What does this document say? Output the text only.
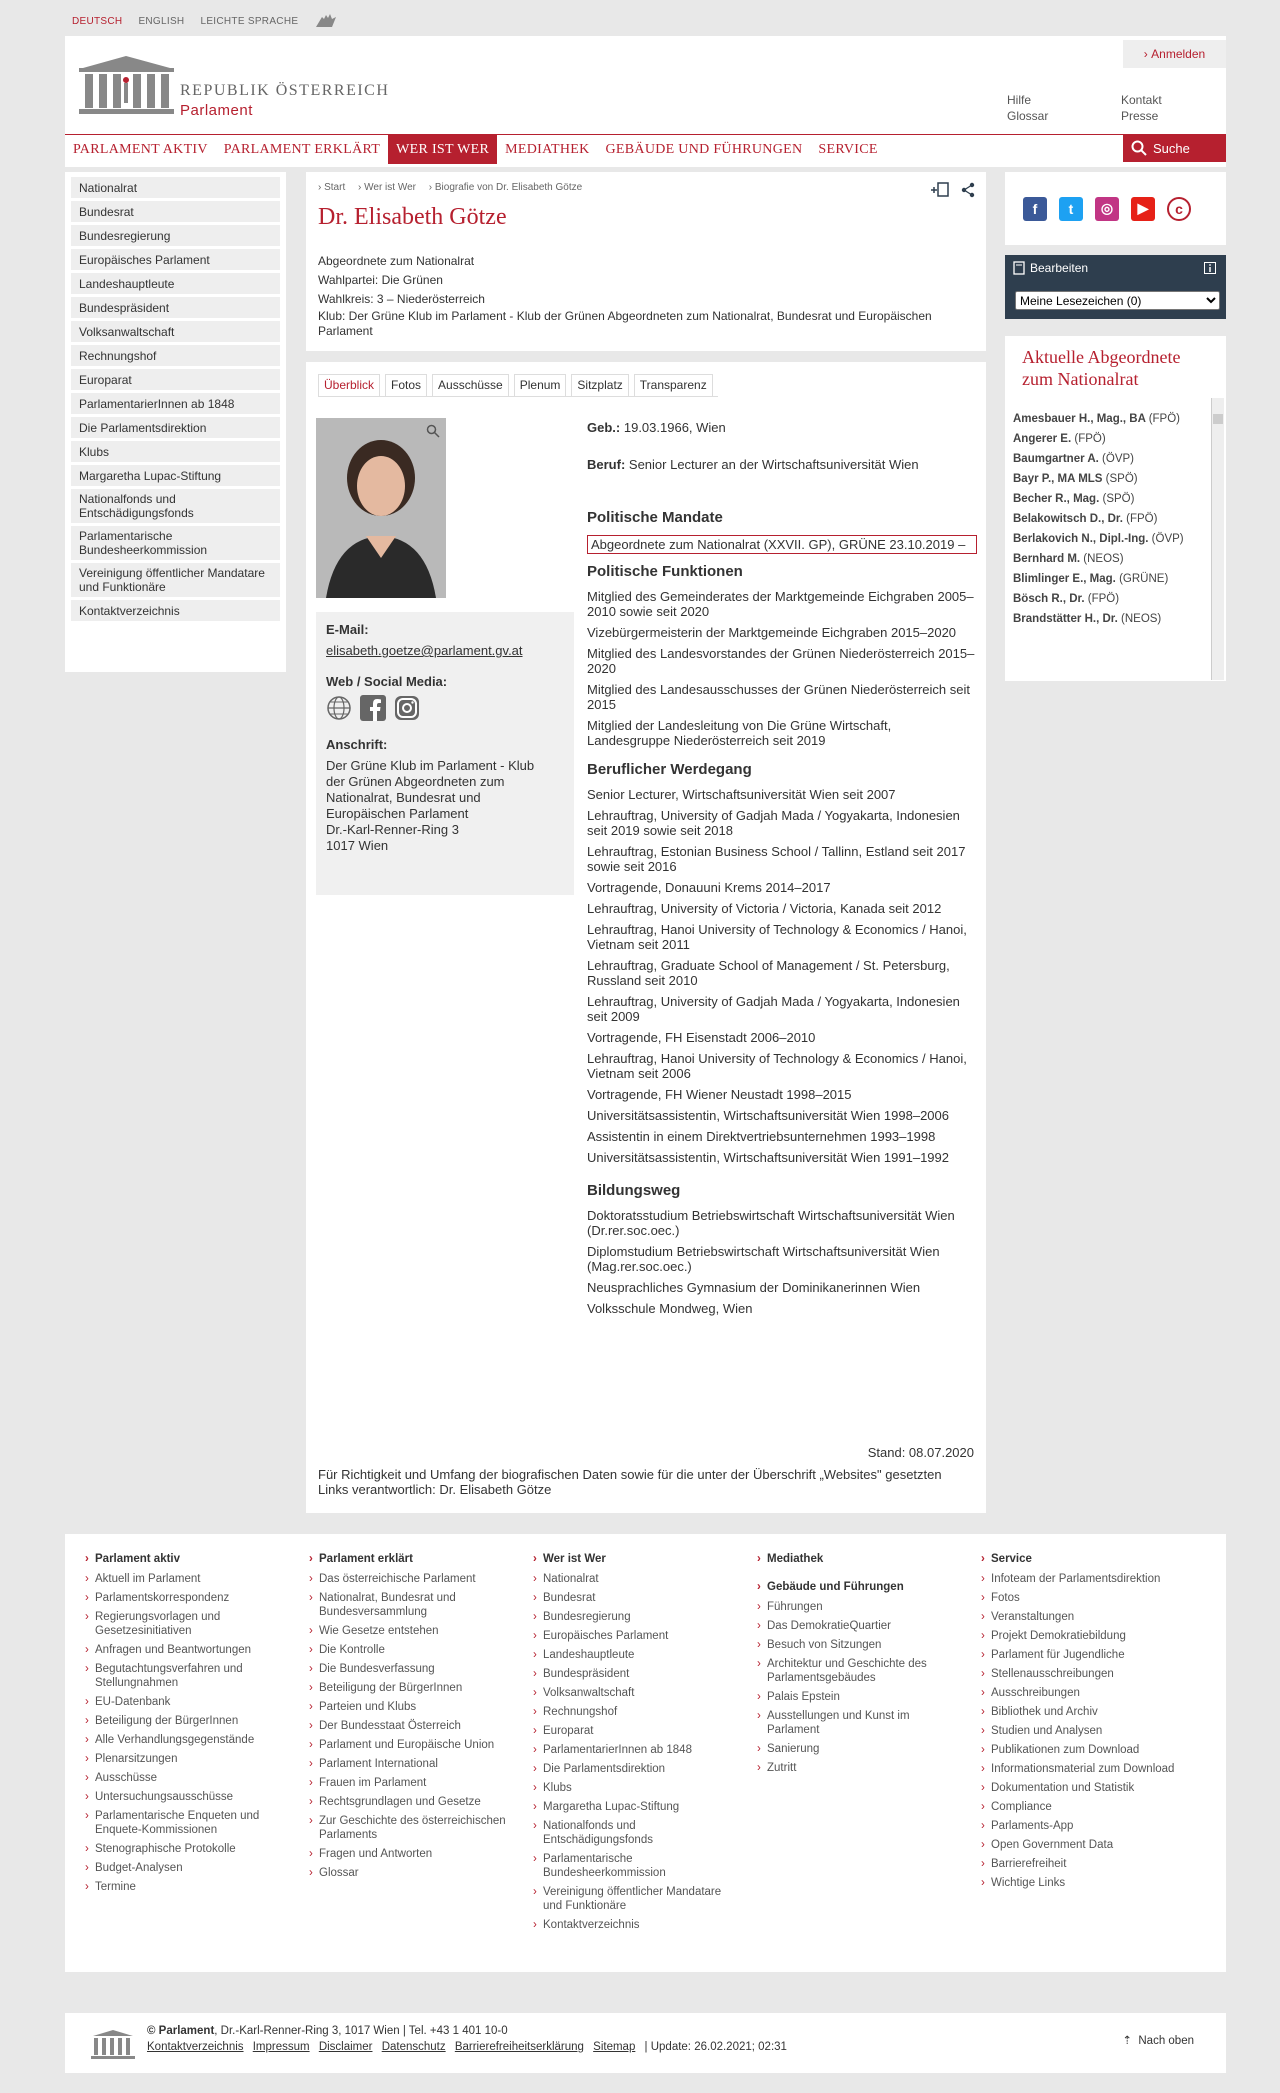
DEUTSCH ENGLISH LEICHTE SPRACHE
REPUBLIK ÖSTERREICH
Parlament
› Anmelden
Hilfe
Glossar
Kontakt
Presse
PARLAMENT AKTIV	PARLAMENT ERKLÄRT	WER IST WER	MEDIATHEK	GEBÄUDE UND FÜHRUNGEN	SERVICE	Suche
Nationalrat
Bundesrat
Bundesregierung
Europäisches Parlament
Landeshauptleute
Bundespräsident
Volksanwaltschaft
Rechnungshof
Europarat
ParlamentarierInnen ab 1848
Die Parlamentsdirektion
Klubs
Margaretha Lupac-Stiftung
Nationalfonds und Entschädigungsfonds
Parlamentarische Bundesheerkommission
Vereinigung öffentlicher Mandatare und Funktionäre
Kontaktverzeichnis
› Start › Wer ist Wer › Biografie von Dr. Elisabeth Götze
Dr. Elisabeth Götze
Abgeordnete zum Nationalrat
Wahlpartei: Die Grünen
Wahlkreis: 3 – Niederösterreich
Klub: Der Grüne Klub im Parlament - Klub der Grünen Abgeordneten zum Nationalrat, Bundesrat und Europäischen Parlament
Überblick	Fotos	Ausschüsse	Plenum	Sitzplatz	Transparenz
E-Mail:
elisabeth.goetze@parlament.gv.at
Web / Social Media:
Anschrift:
Der Grüne Klub im Parlament - Klub
der Grünen Abgeordneten zum
Nationalrat, Bundesrat und
Europäischen Parlament
Dr.-Karl-Renner-Ring 3
1017 Wien
Geb.: 19.03.1966, Wien
Beruf: Senior Lecturer an der Wirtschaftsuniversität Wien
Politische Mandate
Abgeordnete zum Nationalrat (XXVII. GP), GRÜNE 23.10.2019 –
Politische Funktionen
Mitglied des Gemeinderates der Marktgemeinde Eichgraben 2005–2010 sowie seit 2020
Vizebürgermeisterin der Marktgemeinde Eichgraben 2015–2020
Mitglied des Landesvorstandes der Grünen Niederösterreich 2015–2020
Mitglied des Landesausschusses der Grünen Niederösterreich seit 2015
Mitglied der Landesleitung von Die Grüne Wirtschaft, Landesgruppe Niederösterreich seit 2019
Beruflicher Werdegang
Senior Lecturer, Wirtschaftsuniversität Wien seit 2007
Lehrauftrag, University of Gadjah Mada / Yogyakarta, Indonesien seit 2019 sowie seit 2018
Lehrauftrag, Estonian Business School / Tallinn, Estland seit 2017 sowie seit 2016
Vortragende, Donauuni Krems 2014–2017
Lehrauftrag, University of Victoria / Victoria, Kanada seit 2012
Lehrauftrag, Hanoi University of Technology & Economics / Hanoi, Vietnam seit 2011
Lehrauftrag, Graduate School of Management / St. Petersburg, Russland seit 2010
Lehrauftrag, University of Gadjah Mada / Yogyakarta, Indonesien seit 2009
Vortragende, FH Eisenstadt 2006–2010
Lehrauftrag, Hanoi University of Technology & Economics / Hanoi, Vietnam seit 2006
Vortragende, FH Wiener Neustadt 1998–2015
Universitätsassistentin, Wirtschaftsuniversität Wien 1998–2006
Assistentin in einem Direktvertriebsunternehmen 1993–1998
Universitätsassistentin, Wirtschaftsuniversität Wien 1991–1992
Bildungsweg
Doktoratsstudium Betriebswirtschaft Wirtschaftsuniversität Wien (Dr.rer.soc.oec.)
Diplomstudium Betriebswirtschaft Wirtschaftsuniversität Wien (Mag.rer.soc.oec.)
Neusprachliches Gymnasium der Dominikanerinnen Wien
Volksschule Mondweg, Wien
Stand: 08.07.2020
Für Richtigkeit und Umfang der biografischen Daten sowie für die unter der Überschrift „Websites" gesetzten Links verantwortlich: Dr. Elisabeth Götze
f	t	◎	▶	c
Bearbeiten
Meine Lesezeichen (0)
Aktuelle Abgeordnete zum Nationalrat
Amesbauer H., Mag., BA (FPÖ)
Angerer E. (FPÖ)
Baumgartner A. (ÖVP)
Bayr P., MA MLS (SPÖ)
Becher R., Mag. (SPÖ)
Belakowitsch D., Dr. (FPÖ)
Berlakovich N., Dipl.-Ing. (ÖVP)
Bernhard M. (NEOS)
Blimlinger E., Mag. (GRÜNE)
Bösch R., Dr. (FPÖ)
Brandstätter H., Dr. (NEOS)
› Parlament aktiv
› Aktuell im Parlament
› Parlamentskorrespondenz
› Regierungsvorlagen und Gesetzesinitiativen
› Anfragen und Beantwortungen
› Begutachtungsverfahren und Stellungnahmen
› EU-Datenbank
› Beteiligung der BürgerInnen
› Alle Verhandlungsgegenstände
› Plenarsitzungen
› Ausschüsse
› Untersuchungsausschüsse
› Parlamentarische Enqueten und Enquete-Kommissionen
› Stenographische Protokolle
› Budget-Analysen
› Termine
› Parlament erklärt
› Das österreichische Parlament
› Nationalrat, Bundesrat und Bundesversammlung
› Wie Gesetze entstehen
› Die Kontrolle
› Die Bundesverfassung
› Beteiligung der BürgerInnen
› Parteien und Klubs
› Der Bundesstaat Österreich
› Parlament und Europäische Union
› Parlament International
› Frauen im Parlament
› Rechtsgrundlagen und Gesetze
› Zur Geschichte des österreichischen Parlaments
› Fragen und Antworten
› Glossar
› Wer ist Wer
› Nationalrat
› Bundesrat
› Bundesregierung
› Europäisches Parlament
› Landeshauptleute
› Bundespräsident
› Volksanwaltschaft
› Rechnungshof
› Europarat
› ParlamentarierInnen ab 1848
› Die Parlamentsdirektion
› Klubs
› Margaretha Lupac-Stiftung
› Nationalfonds und Entschädigungsfonds
› Parlamentarische Bundesheerkommission
› Vereinigung öffentlicher Mandatare und Funktionäre
› Kontaktverzeichnis
› Mediathek
› Gebäude und Führungen
› Führungen
› Das DemokratieQuartier
› Besuch von Sitzungen
› Architektur und Geschichte des Parlamentsgebäudes
› Palais Epstein
› Ausstellungen und Kunst im Parlament
› Sanierung
› Zutritt
› Service
› Infoteam der Parlamentsdirektion
› Fotos
› Veranstaltungen
› Projekt Demokratiebildung
› Parlament für Jugendliche
› Stellenausschreibungen
› Ausschreibungen
› Bibliothek und Archiv
› Studien und Analysen
› Publikationen zum Download
› Informationsmaterial zum Download
› Dokumentation und Statistik
› Compliance
› Parlaments-App
› Open Government Data
› Barrierefreiheit
› Wichtige Links
© Parlament, Dr.-Karl-Renner-Ring 3, 1017 Wien | Tel. +43 1 401 10-0
Kontaktverzeichnis Impressum Disclaimer Datenschutz Barrierefreiheitserklärung Sitemap | Update: 26.02.2021; 02:31	⇡  Nach oben
